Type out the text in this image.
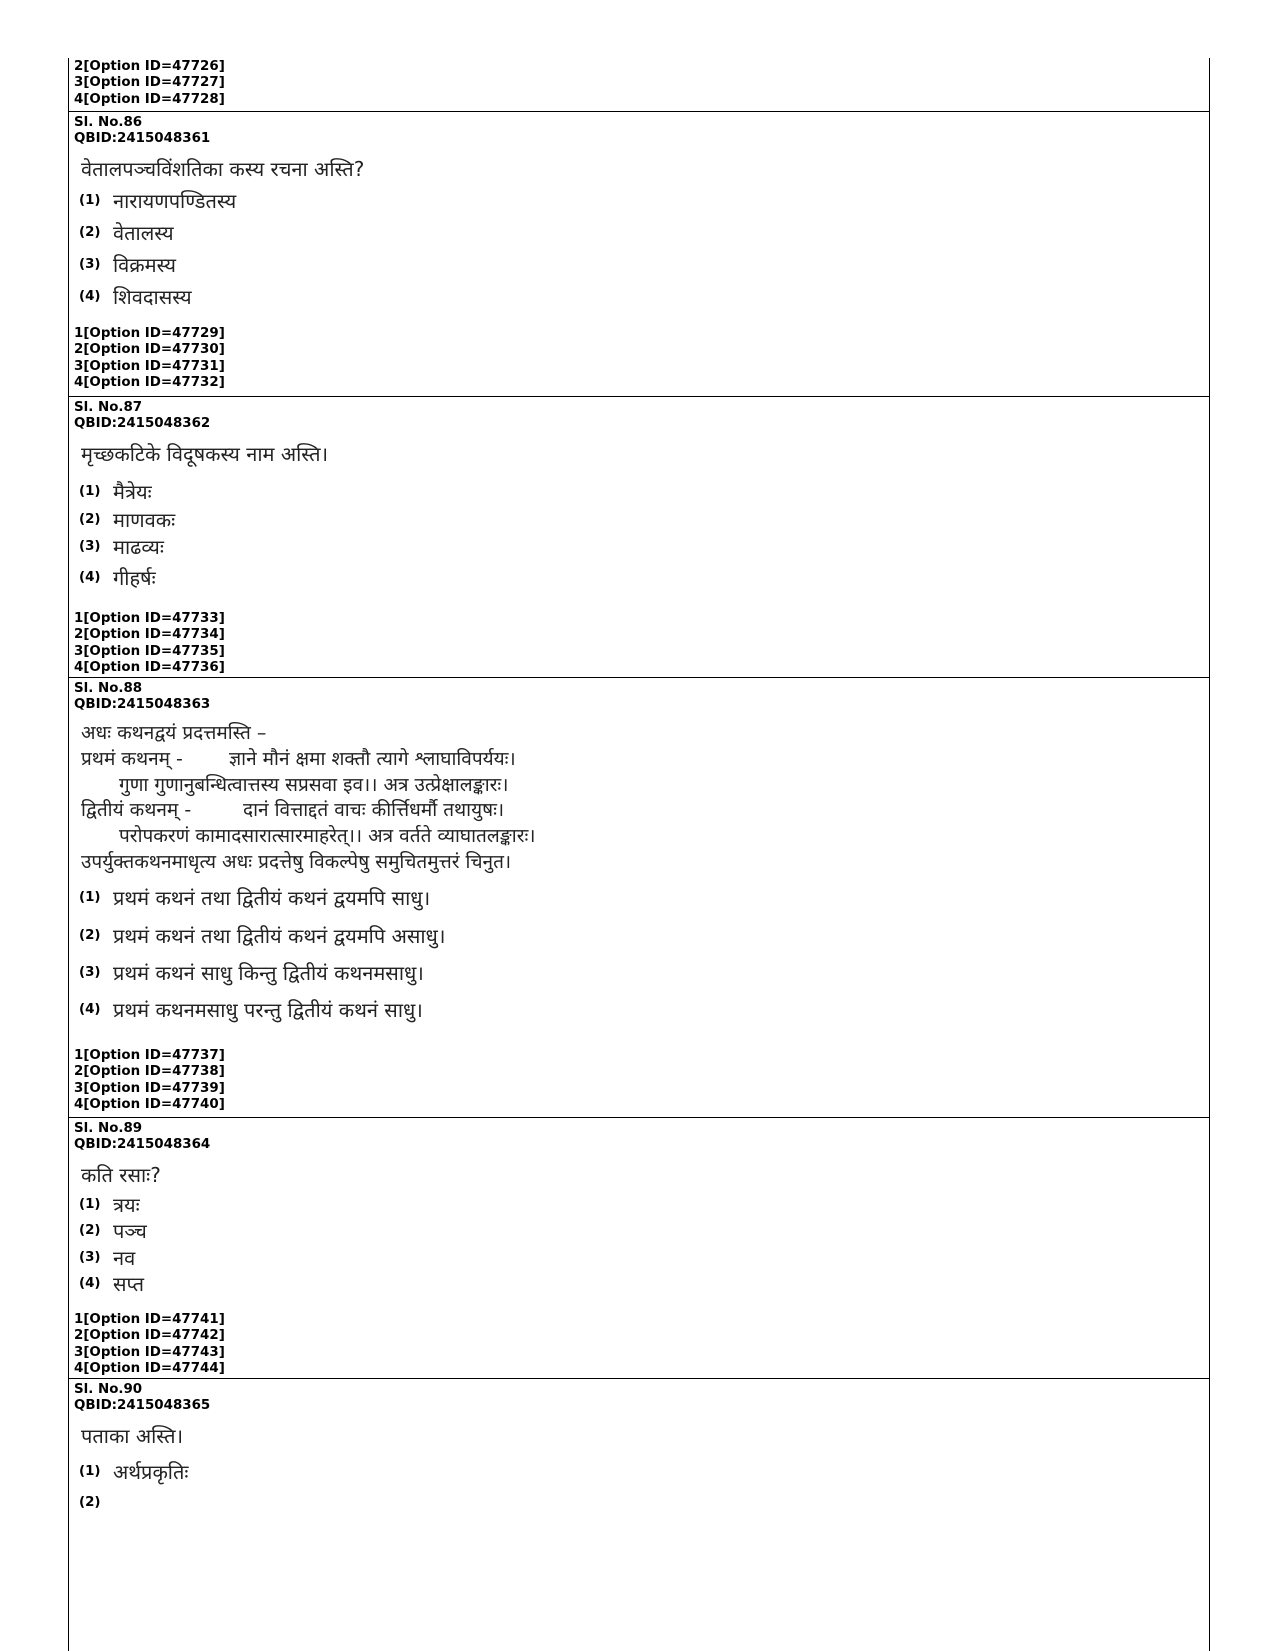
2[Option ID=47726]

3[Option ID=47727]

4[Option ID=47728]

Sl. No.86

QBID:2415048361

वेतालपञ्चविंशतिका कस्य रचना अस्ति?

(1) नारायणपण्डितस्य
(2) वेतालस्य
(3) विक्रमस्य
(4) शिवदासस्य

1[Option ID=47729]

2[Option ID=47730]

3[Option ID=47731]

4[Option ID=47732]

Sl. No.87

QBID:2415048362

मृच्छकटिके विदूषकस्य नाम अस्ति।

(1) मैत्रेयः
(2) माणवकः
(3) माढव्यः
(4) गीहर्षः

1[Option ID=47733]

2[Option ID=47734]

3[Option ID=47735]

4[Option ID=47736]

Sl. No.88

QBID:2415048363

अधः कथनद्वयं प्रदत्तमस्ति –

प्रथमं कथनम् - ज्ञाने मौनं क्षमा शक्तौ त्यागे श्लाघाविपर्ययः।

गुणा गुणानुबन्धित्वात्तस्य सप्रसवा इव।। अत्र उत्प्रेक्षालङ्कारः।

द्वितीयं कथनम् -	दानं वित्ताद्दतं वाचः कीर्त्तिधर्मौ तथायुषः।

परोपकरणं कामादसारात्सारमाहरेत्।। अत्र वर्तते व्याघातलङ्कारः।

उपर्युक्तकथनमाधृत्य अधः प्रदत्तेषु विकल्पेषु समुचितमुत्तरं चिनुत।

(1) प्रथमं कथनं तथा द्वितीयं कथनं द्वयमपि साधु।
(2) प्रथमं कथनं तथा द्वितीयं कथनं द्वयमपि असाधु।
(3) प्रथमं कथनं साधु किन्तु द्वितीयं कथनमसाधु।
(4) प्रथमं कथनमसाधु परन्तु द्वितीयं कथनं साधु।

1[Option ID=47737]

2[Option ID=47738]

3[Option ID=47739]

4[Option ID=47740]

Sl. No.89

QBID:2415048364

कति रसाः?

(1) त्रयः
(2) पञ्च
(3) नव
(4) सप्त

1[Option ID=47741]

2[Option ID=47742]

3[Option ID=47743]

4[Option ID=47744]

Sl. No.90

QBID:2415048365

पताका अस्ति।

(1) अर्थप्रकृतिः
(2)
